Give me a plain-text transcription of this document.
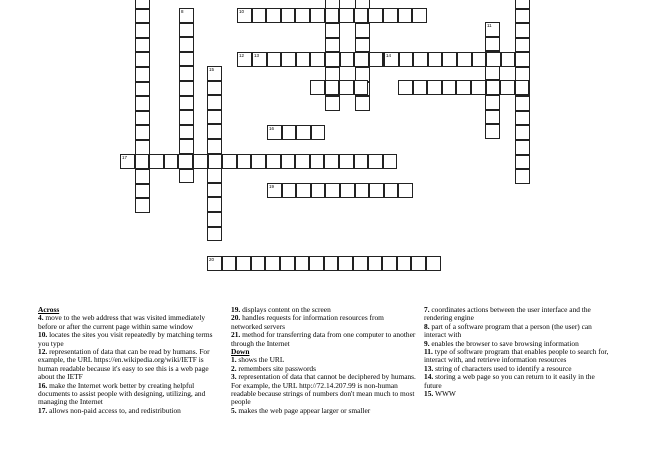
8
15
11
10
12 13	14
16
17
19
20
Across
4. move to the web address that was visited immediately before or after the current page within same window
10. locates the sites you visit repeatedly by matching terms you type
12. representation of data that can be read by humans. For example, the URL https://en.wikipedia.org/wiki/IETF is human readable because it's easy to see this is a web page about the IETF
16. make the Internet work better by creating helpful documents to assist people with designing, utilizing, and managing the Internet
17. allows non-paid access to, and redistribution
19. displays content on the screen
20. handles requests for information resources from networked servers
21. method for transferring data from one computer to another through the Internet
Down
1. shows the URL
2. remembers site passwords
3. representation of data that cannot be deciphered by humans. For example, the URL http://72.14.207.99 is non-human readable because strings of numbers don't mean much to most people
5. makes the web page appear larger or smaller
7. coordinates actions between the user interface and the rendering engine
8. part of a software program that a person (the user) can interact with
9. enables the browser to save browsing information
11. type of software program that enables people to search for, interact with, and retrieve information resources
13. string of characters used to identify a resource
14. storing a web page so you can return to it easily in the future
15. WWW
